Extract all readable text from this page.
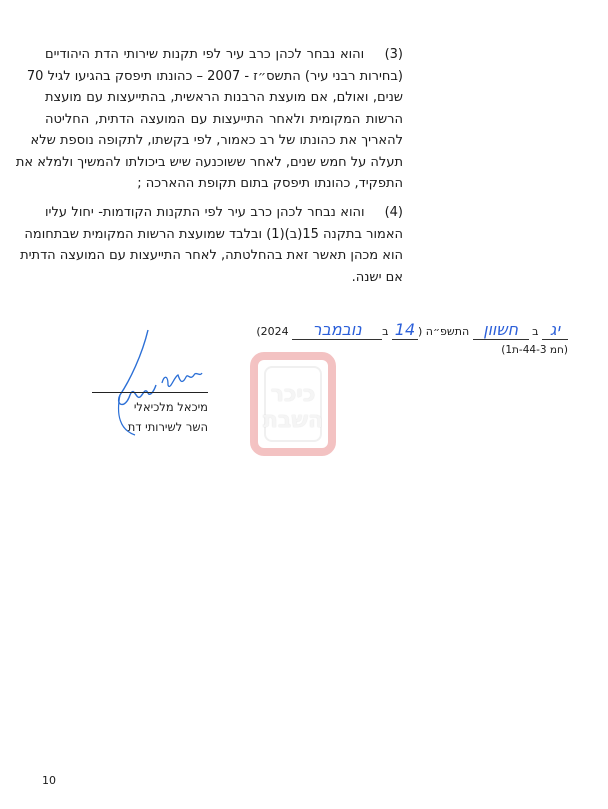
(3) והוא נבחר לכהן כרב עיר לפי תקנות שירותי הדת היהודיים
(בחירות רבני עיר) התשס״ז - 2007 – כהונתו תיפסק בהגיעו לגיל 70
שנים, ואולם, אם מועצת הרבנות הראשית, בהתייעצות עם מועצת
הרשות המקומית ולאחר התייעצות עם המועצה הדתית, החליטה
להאריך את כהונתו של רב כאמור, לפי בקשתו, לתקופה נוספת שלא
תעלה על חמש שנים, לאחר ששוכנעה שיש ביכולתו להמשיך ולמלא את
התפקיד, כהונתו תיפסק בתום תקופת ההארכה ;
(4) והוא נבחר לכהן כרב עיר לפי התקנות הקודמות- יחול עליו
האמור בתקנה 15(ב)(1) ובלבד שמועצת הרשות המקומית שבתחומה
הוא מכהן תאשר זאת בהחלטתה, לאחר התייעצות עם המועצה הדתית
אם ישנה.
יג ב חשוון התשפ״ה (14 בנובמבר 2024)
(חמ 44-3-ת1)
מיכאל מלכיאלי
השר לשירותי דת
כיכר
השבת
10
